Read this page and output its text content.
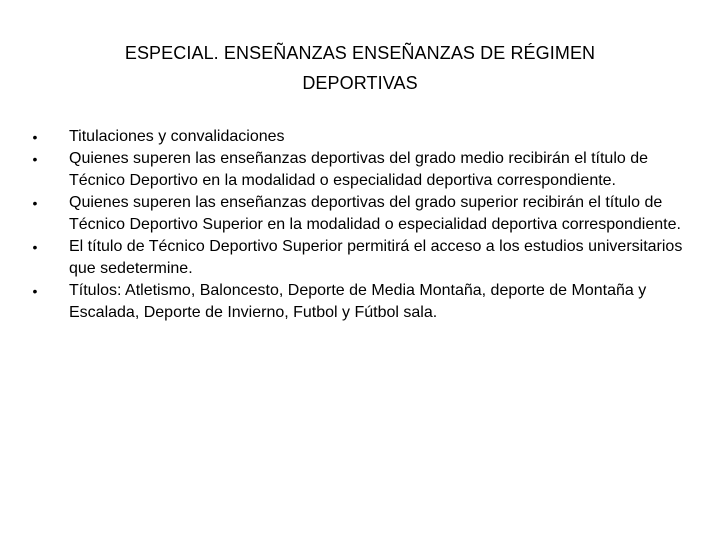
ESPECIAL. ENSEÑANZAS ENSEÑANZAS DE RÉGIMEN
DEPORTIVAS
• Titulaciones y convalidaciones
• Quienes superen las enseñanzas deportivas del grado medio recibirán el título de Técnico Deportivo en la modalidad o especialidad deportiva correspondiente.
• Quienes superen las enseñanzas deportivas del grado superior recibirán el título de Técnico Deportivo Superior en la modalidad o especialidad deportiva correspondiente.
• El título de Técnico Deportivo Superior permitirá el acceso a los estudios universitarios que sedetermine.
• Títulos: Atletismo, Baloncesto, Deporte de Media Montaña, deporte de Montaña y Escalada, Deporte de Invierno, Futbol y Fútbol sala.
